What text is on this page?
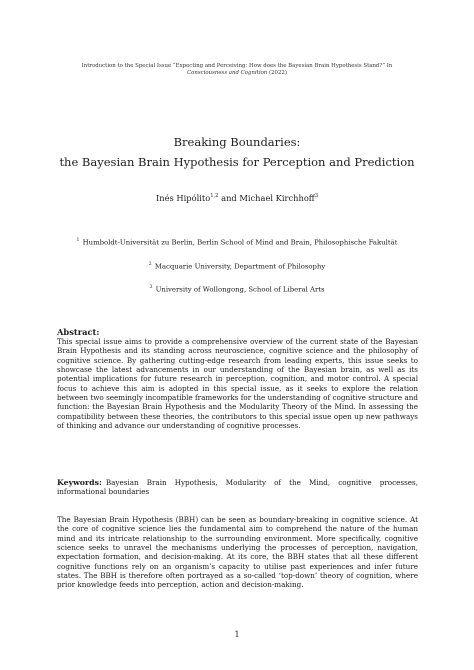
Introduction to the Special Issue “Expecting and Perceiving: How does the Bayesian Brain Hypothesis Stand?” In
Consciousness and Cognition (2022)
Breaking Boundaries:
the Bayesian Brain Hypothesis for Perception and Prediction
Inés Hipólito$^{1,2}$ and Michael Kirchhoff$^3$
$^1$ Humboldt-Universität zu Berlin, Berlin School of Mind and Brain, Philosophische Fakultät
$^2$ Macquarie University, Department of Philosophy
$^3$ University of Wollongong, School of Liberal Arts
Abstract:
This special issue aims to provide a comprehensive overview of the current state of the Bayesian Brain Hypothesis and its standing across neuroscience, cognitive science and the philosophy of cognitive science. By gathering cutting-edge research from leading experts, this issue seeks to showcase the latest advancements in our understanding of the Bayesian brain, as well as its potential implications for future research in perception, cognition, and motor control. A special focus to achieve this aim is adopted in this special issue, as it seeks to explore the relation between two seemingly incompatible frameworks for the understanding of cognitive structure and function: the Bayesian Brain Hypothesis and the Modularity Theory of the Mind. In assessing the compatibility between these theories, the contributors to this special issue open up new pathways of thinking and advance our understanding of cognitive processes.
Keywords: Bayesian Brain Hypothesis, Modularity of the Mind, cognitive processes, informational boundaries
The Bayesian Brain Hypothesis (BBH) can be seen as boundary-breaking in cognitive science. At the core of cognitive science lies the fundamental aim to comprehend the nature of the human mind and its intricate relationship to the surrounding environment. More specifically, cognitive science seeks to unravel the mechanisms underlying the processes of perception, navigation, expectation formation, and decision-making. At its core, the BBH states that all these different cognitive functions rely on an organism’s capacity to utilise past experiences and infer future states. The BBH is therefore often portrayed as a so-called ‘top-down’ theory of cognition, where prior knowledge feeds into perception, action and decision-making.
1
